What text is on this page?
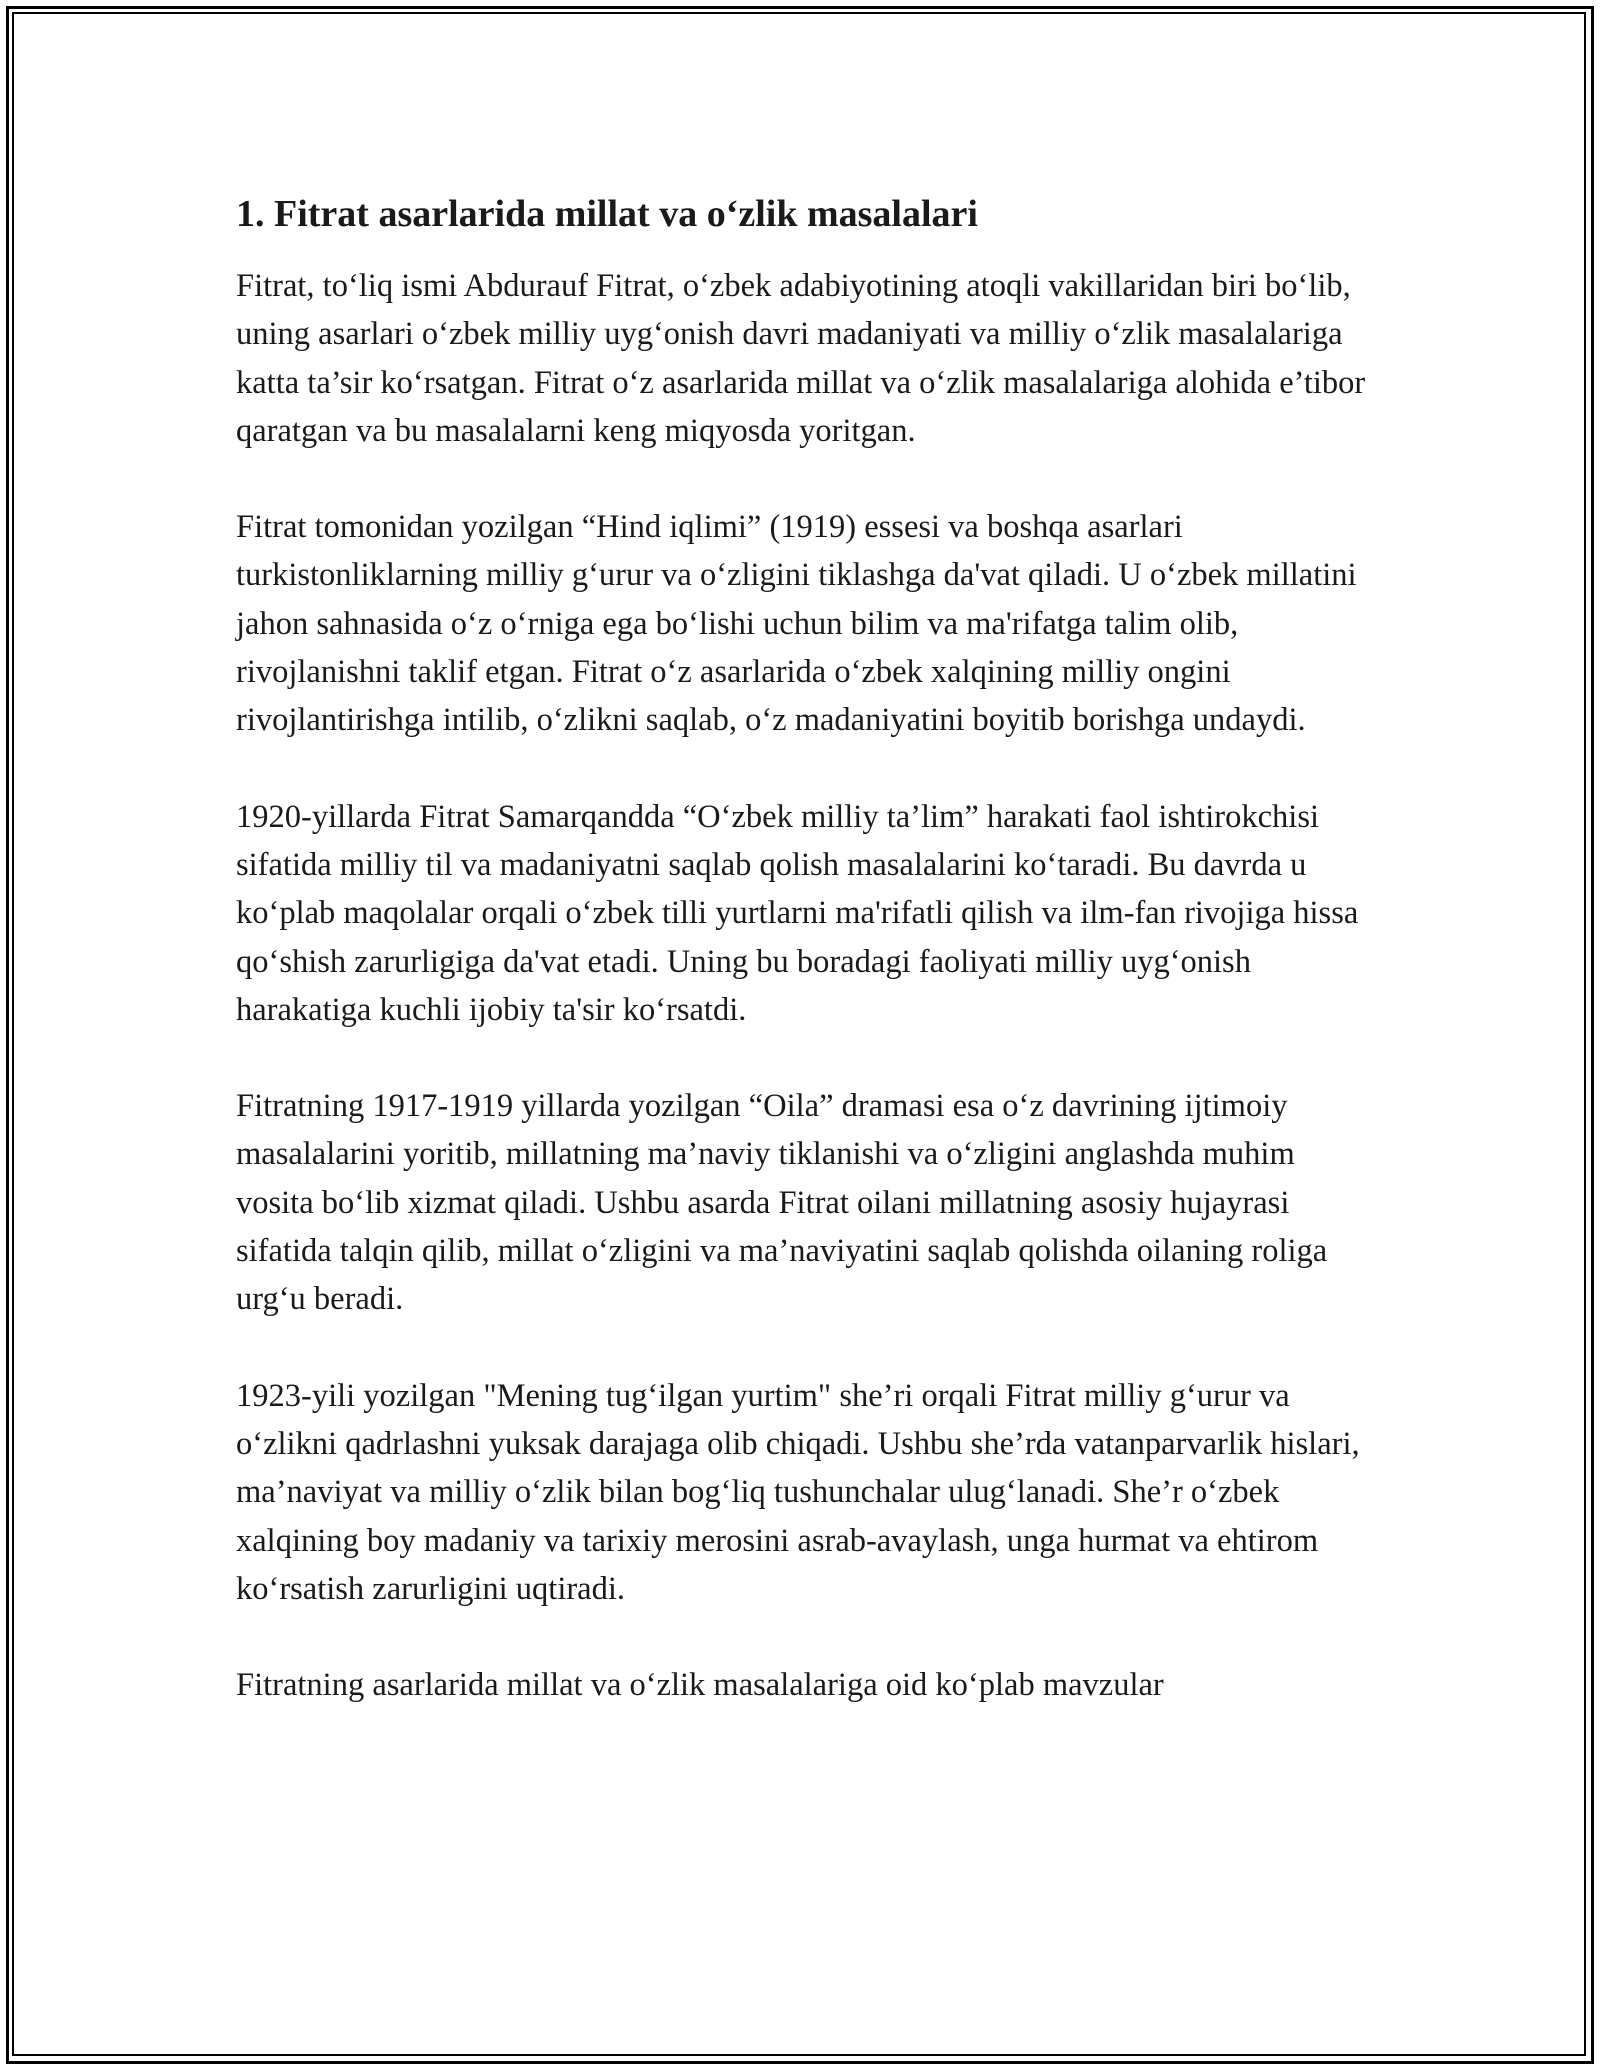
1. Fitrat asarlarida millat va o‘zlik masalalari

Fitrat, to‘liq ismi Abdurauf Fitrat, o‘zbek adabiyotining atoqli vakillaridan biri bo‘lib, uning asarlari o‘zbek milliy uyg‘onish davri madaniyati va milliy o‘zlik masalalariga katta ta’sir ko‘rsatgan. Fitrat o‘z asarlarida millat va o‘zlik masalalariga alohida e’tibor qaratgan va bu masalalarni keng miqyosda yoritgan.

Fitrat tomonidan yozilgan “Hind iqlimi” (1919) essesi va boshqa asarlari turkistonliklarning milliy g‘urur va o‘zligini tiklashga da'vat qiladi. U o‘zbek millatini jahon sahnasida o‘z o‘rniga ega bo‘lishi uchun bilim va ma'rifatga talim olib, rivojlanishni taklif etgan. Fitrat o‘z asarlarida o‘zbek xalqining milliy ongini rivojlantirishga intilib, o‘zlikni saqlab, o‘z madaniyatini boyitib borishga undaydi.

1920-yillarda Fitrat Samarqandda “O‘zbek milliy ta’lim” harakati faol ishtirokchisi sifatida milliy til va madaniyatni saqlab qolish masalalarini ko‘taradi. Bu davrda u ko‘plab maqolalar orqali o‘zbek tilli yurtlarni ma'rifatli qilish va ilm-fan rivojiga hissa qo‘shish zarurligiga da'vat etadi. Uning bu boradagi faoliyati milliy uyg‘onish harakatiga kuchli ijobiy ta'sir ko‘rsatdi.

Fitratning 1917-1919 yillarda yozilgan “Oila” dramasi esa o‘z davrining ijtimoiy masalalarini yoritib, millatning ma’naviy tiklanishi va o‘zligini anglashda muhim vosita bo‘lib xizmat qiladi. Ushbu asarda Fitrat oilani millatning asosiy hujayrasi sifatida talqin qilib, millat o‘zligini va ma’naviyatini saqlab qolishda oilaning roliga urg‘u beradi.

1923-yili yozilgan "Mening tug‘ilgan yurtim" she’ri orqali Fitrat milliy g‘urur va o‘zlikni qadrlashni yuksak darajaga olib chiqadi. Ushbu she’rda vatanparvarlik hislari, ma’naviyat va milliy o‘zlik bilan bog‘liq tushunchalar ulug‘lanadi. She’r o‘zbek xalqining boy madaniy va tarixiy merosini asrab-avaylash, unga hurmat va ehtirom ko‘rsatish zarurligini uqtiradi.

Fitratning asarlarida millat va o‘zlik masalalariga oid ko‘plab mavzular
